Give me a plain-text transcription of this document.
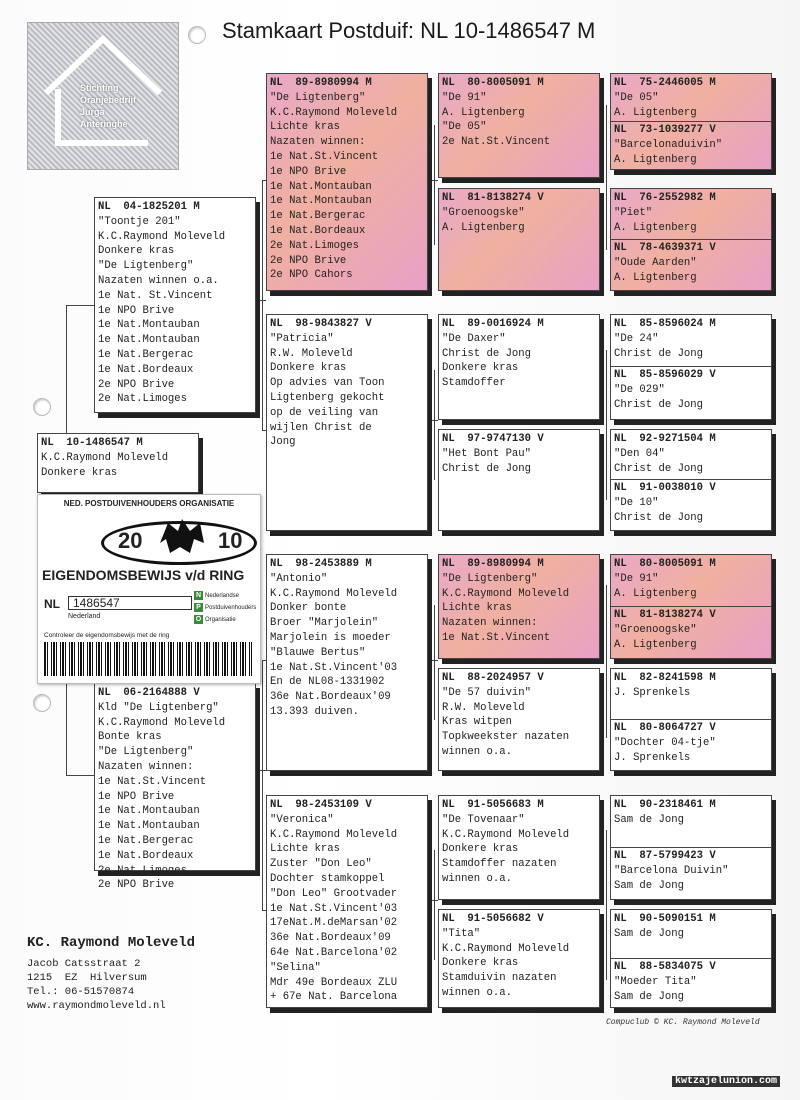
Stichting
Oranjebedrijf
Jurga
Anteringhe
Stamkaart Postduif: NL 10-1486547 M
NL  04-1825201 M
"Toontje 201"
K.C.Raymond Moleveld
Donkere kras
"De Ligtenberg"
Nazaten winnen o.a.
1e Nat. St.Vincent
1e NPO Brive
1e Nat.Montauban
1e Nat.Montauban
1e Nat.Bergerac
1e Nat.Bordeaux
2e NPO Brive
2e Nat.Limoges
NL  06-2164888 V
Kld "De Ligtenberg"
K.C.Raymond Moleveld
Bonte kras
"De Ligtenberg"
Nazaten winnen:
1e Nat.St.Vincent
1e NPO Brive
1e Nat.Montauban
1e Nat.Montauban
1e Nat.Bergerac
1e Nat.Bordeaux
2e Nat.Limoges
2e NPO Brive
NL  89-8980994 M
"De Ligtenberg"
K.C.Raymond Moleveld
Lichte kras
Nazaten winnen:
1e Nat.St.Vincent
1e NPO Brive
1e Nat.Montauban
1e Nat.Montauban
1e Nat.Bergerac
1e Nat.Bordeaux
2e Nat.Limoges
2e NPO Brive
2e NPO Cahors
NL  98-9843827 V
"Patricia"
R.W. Moleveld
Donkere kras
Op advies van Toon
Ligtenberg gekocht
op de veiling van
wijlen Christ de
Jong
NL  98-2453889 M
"Antonio"
K.C.Raymond Moleveld
Donker bonte
Broer "Marjolein"
Marjolein is moeder
"Blauwe Bertus"
1e Nat.St.Vincent'03
En de NL08-1331902
36e Nat.Bordeaux'09
13.393 duiven.
NL  98-2453109 V
"Veronica"
K.C.Raymond Moleveld
Lichte kras
Zuster "Don Leo"
Dochter stamkoppel
"Don Leo" Grootvader
1e Nat.St.Vincent'03
17eNat.M.deMarsan'02
36e Nat.Bordeaux'09
64e Nat.Barcelona'02
"Selina"
Mdr 49e Bordeaux ZLU
+ 67e Nat. Barcelona
NL  80-8005091 M
"De 91"
A. Ligtenberg
"De 05"
2e Nat.St.Vincent
NL  81-8138274 V
"Groenoogske"
A. Ligtenberg
NL  89-0016924 M
"De Daxer"
Christ de Jong
Donkere kras
Stamdoffer
NL  97-9747130 V
"Het Bont Pau"
Christ de Jong
NL  89-8980994 M
"De Ligtenberg"
K.C.Raymond Moleveld
Lichte kras
Nazaten winnen:
1e Nat.St.Vincent
NL  88-2024957 V
"De 57 duivin"
R.W. Moleveld
Kras witpen
Topkweekster nazaten
winnen o.a.
NL  91-5056683 M
"De Tovenaar"
K.C.Raymond Moleveld
Donkere kras
Stamdoffer nazaten
winnen o.a.
NL  91-5056682 V
"Tita"
K.C.Raymond Moleveld
Donkere kras
Stamduivin nazaten
winnen o.a.
NL  75-2446005 M
"De 05"
A. Ligtenberg
NL  73-1039277 V
"Barcelonaduivin"
A. Ligtenberg
NL  76-2552982 M
"Piet"
A. Ligtenberg
NL  78-4639371 V
"Oude Aarden"
A. Ligtenberg
NL  85-8596024 M
"De 24"
Christ de Jong
NL  85-8596029 V
"De 029"
Christ de Jong
NL  92-9271504 M
"Den 04"
Christ de Jong
NL  91-0038010 V
"De 10"
Christ de Jong
NL  80-8005091 M
"De 91"
A. Ligtenberg
NL  81-8138274 V
"Groenoogske"
A. Ligtenberg
NL  82-8241598 M
J. Sprenkels
NL  80-8064727 V
"Dochter 04-tje"
J. Sprenkels
NL  90-2318461 M
Sam de Jong
NL  87-5799423 V
"Barcelona Duivin"
Sam de Jong
NL  90-5090151 M
Sam de Jong
NL  88-5834075 V
"Moeder Tita"
Sam de Jong
NL  10-1486547 M
K.C.Raymond Moleveld
Donkere kras
NED. POSTDUIVENHOUDERS ORGANISATIE
20	10
EIGENDOMSBEWIJS v/d RING
NL	1486547
Nederland
N Nederlandse
P Postduivenhouders
O Organisatie
Controleer de eigendomsbewijs met de ring
KC. Raymond Moleveld
Jacob Catsstraat 2
1215  EZ  Hilversum
Tel.: 06-51570874
www.raymondmoleveld.nl
Compuclub © KC. Raymond Moleveld
kwtzajelunion.com
